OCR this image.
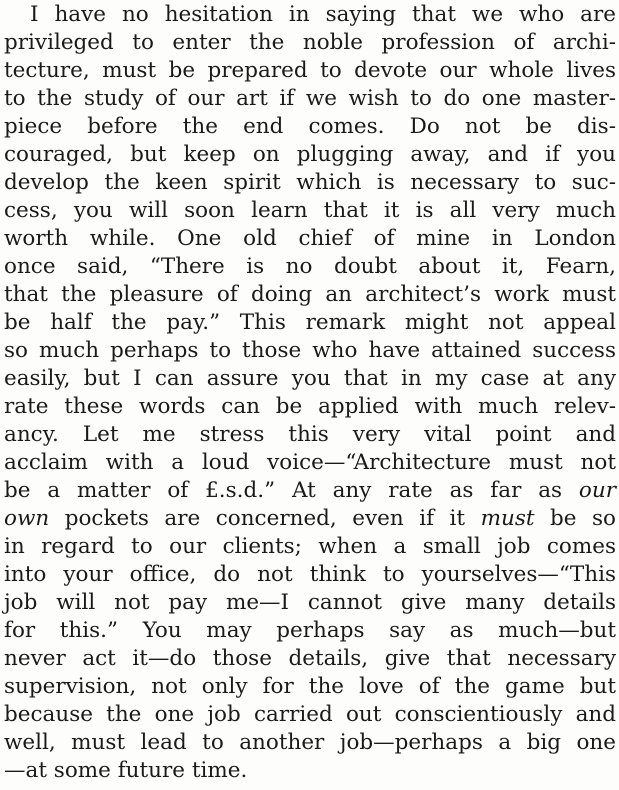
I have no hesitation in saying that we who are
privileged to enter the noble profession of archi-
tecture, must be prepared to devote our whole lives
to the study of our art if we wish to do one master-
piece before the end comes. Do not be dis-
couraged, but keep on plugging away, and if you
develop the keen spirit which is necessary to suc-
cess, you will soon learn that it is all very much
worth while. One old chief of mine in London
once said, “There is no doubt about it, Fearn,
that the pleasure of doing an architect’s work must
be half the pay.” This remark might not appeal
so much perhaps to those who have attained success
easily, but I can assure you that in my case at any
rate these words can be applied with much relev-
ancy. Let me stress this very vital point and
acclaim with a loud voice—“Architecture must not
be a matter of £.s.d.” At any rate as far as our
own pockets are concerned, even if it must be so
in regard to our clients; when a small job comes
into your office, do not think to yourselves—“This
job will not pay me—I cannot give many details
for this.” You may perhaps say as much—but
never act it—do those details, give that necessary
supervision, not only for the love of the game but
because the one job carried out conscientiously and
well, must lead to another job—perhaps a big one
—at some future time.
